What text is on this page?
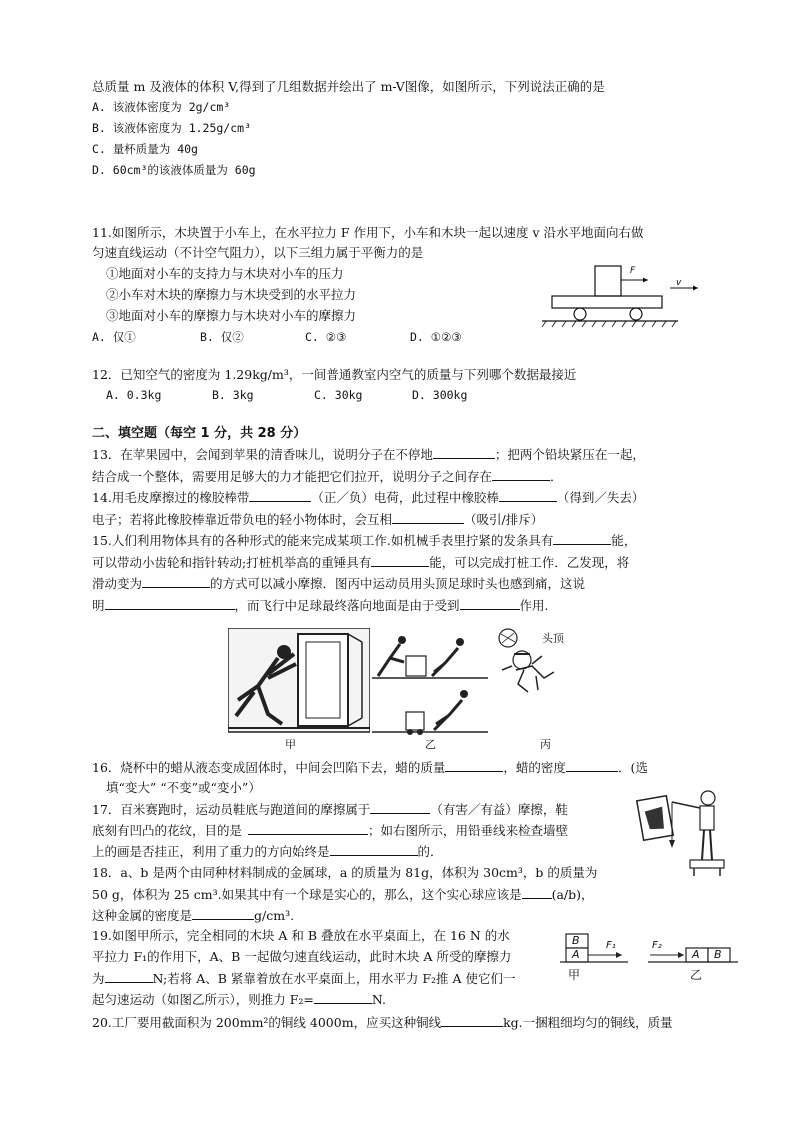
总质量 m 及液体的体积 V,得到了几组数据并绘出了 m-V图像，如图所示，下列说法正确的是
A. 该液体密度为 2g/cm³
B. 该液体密度为 1.25g/cm³
C. 量杯质量为 40g
D. 60cm³的该液体质量为 60g
11.如图所示，木块置于小车上，在水平拉力 F 作用下，小车和木块一起以速度 v 沿水平地面向右做
匀速直线运动（不计空气阻力），以下三组力属于平衡力的是
①地面对小车的支持力与木块对小车的压力
②小车对木块的摩擦力与木块受到的水平拉力
③地面对小车的摩擦力与木块对小车的摩擦力
A. 仅①	B. 仅②	C. ②③	D. ①②③
F
v
12．已知空气的密度为 1.29kg/m³，一间普通教室内空气的质量与下列哪个数据最接近
A. 0.3kg	B. 3kg	C. 30kg	D. 300kg
二、填空题（每空 1 分，共 28 分）
13．在苹果园中，会闻到苹果的清香味儿，说明分子在不停地	；把两个铅块紧压在一起，
结合成一个整体，需要用足够大的力才能把它们拉开，说明分子之间存在	．
14.用毛皮摩擦过的橡胶棒带	（正／负）电荷，此过程中橡胶棒	（得到／失去）
电子；若将此橡胶棒靠近带负电的轻小物体时，会互相	（吸引/排斥）
15.人们利用物体具有的各种形式的能来完成某项工作.如机械手表里拧紧的发条具有	能，
可以带动小齿轮和指针转动;打桩机举高的重锤具有	能，可以完成打桩工作．乙发现，将
滑动变为	的方式可以减小摩擦．图丙中运动员用头顶足球时头也感到痛，这说
明	，而飞行中足球最终落向地面是由于受到	作用.
头顶
甲	乙	丙
16．烧杯中的蜡从液态变成固体时，中间会凹陷下去，蜡的质量	，蜡的密度	．(选
填“变大” “不变”或“变小”）
17．百米赛跑时，运动员鞋底与跑道间的摩擦属于	（有害／有益）摩擦，鞋
底刻有凹凸的花纹，目的是	；如右图所示，用铅垂线来检查墙壁
上的画是否挂正，利用了重力的方向始终是	的．
18．a、b 是两个由同种材料制成的金属球，a 的质量为 81g，体积为 30cm³，b 的质量为
50 g，体积为 25 cm³.如果其中有一个球是实心的，那么，这个实心球应该是 (a/b)，
这种金属的密度是	g/cm³.
19.如图甲所示，完全相同的木块 A 和 B 叠放在水平桌面上，在 16 N 的水
平拉力 F₁的作用下，A、B 一起做匀速直线运动，此时木块 A 所受的摩擦力
为	N;若将 A、B 紧靠着放在水平桌面上，用水平力 F₂推 A 使它们一
起匀速运动（如图乙所示），则推力 F₂=	N.
B
A
F₁	F₂
A B
甲	乙
20.工厂要用截面积为 200mm²的铜线 4000m，应买这种铜线	kg.一捆粗细均匀的铜线，质量
